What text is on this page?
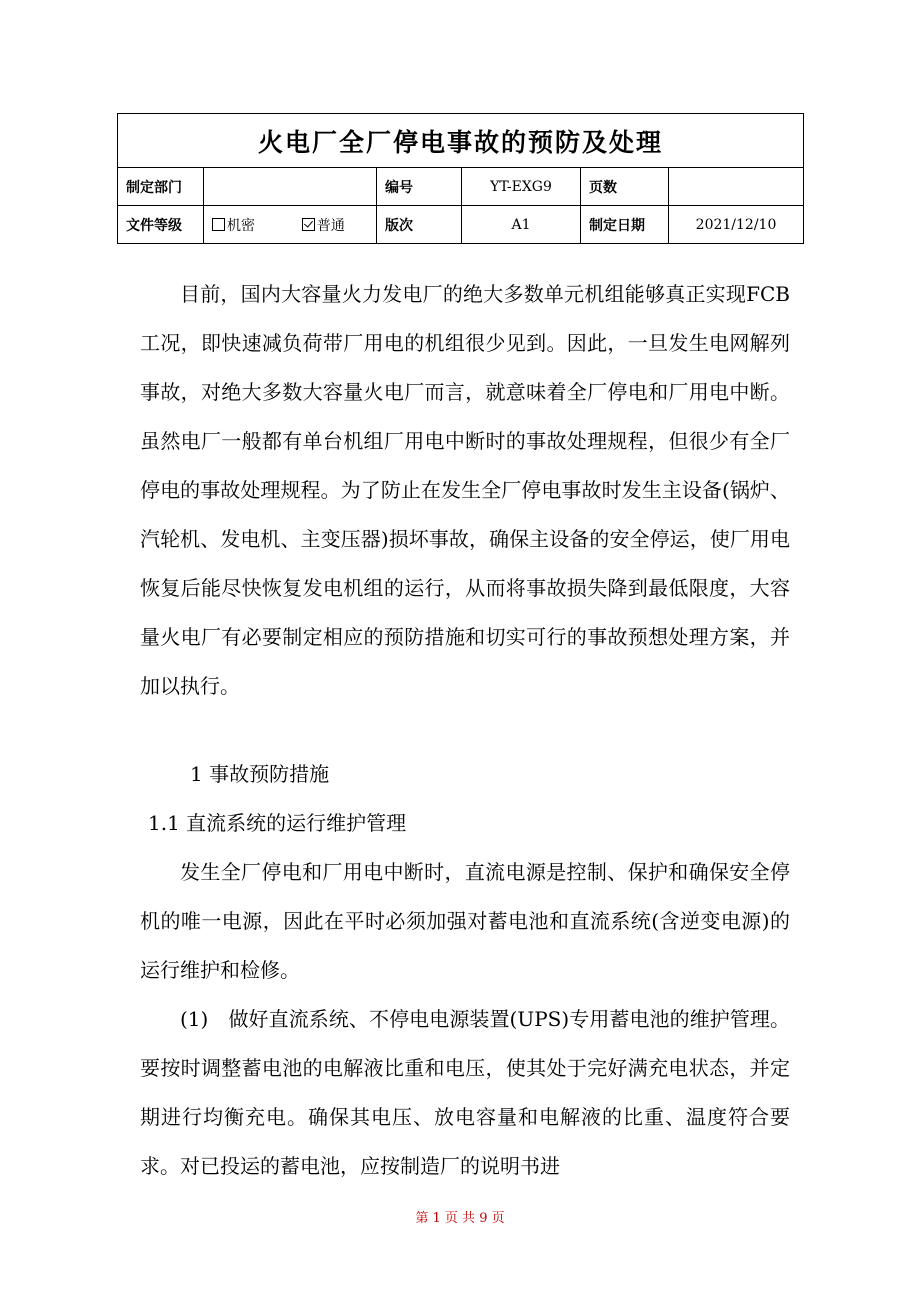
火电厂全厂停电事故的预防及处理					
制定部门		编号	YT-EXG9	页数	
文件等级	机密 普通	版次	A1	制定日期	2021/12/10

目前，国内大容量火力发电厂的绝大多数单元机组能够真正实现FCB工况，即快速减负荷带厂用电的机组很少见到。因此，一旦发生电网解列事故，对绝大多数大容量火电厂而言，就意味着全厂停电和厂用电中断。虽然电厂一般都有单台机组厂用电中断时的事故处理规程，但很少有全厂停电的事故处理规程。为了防止在发生全厂停电事故时发生主设备(锅炉、汽轮机、发电机、主变压器)损坏事故，确保主设备的安全停运，使厂用电恢复后能尽快恢复发电机组的运行，从而将事故损失降到最低限度，大容量火电厂有必要制定相应的预防措施和切实可行的事故预想处理方案，并加以执行。

1 事故预防措施

1.1 直流系统的运行维护管理

发生全厂停电和厂用电中断时，直流电源是控制、保护和确保安全停机的唯一电源，因此在平时必须加强对蓄电池和直流系统(含逆变电源)的运行维护和检修。

(1)　做好直流系统、不停电电源装置(UPS)专用蓄电池的维护管理。要按时调整蓄电池的电解液比重和电压，使其处于完好满充电状态，并定期进行均衡充电。确保其电压、放电容量和电解液的比重、温度符合要求。对已投运的蓄电池，应按制造厂的说明书进

第 1 页 共 9 页
